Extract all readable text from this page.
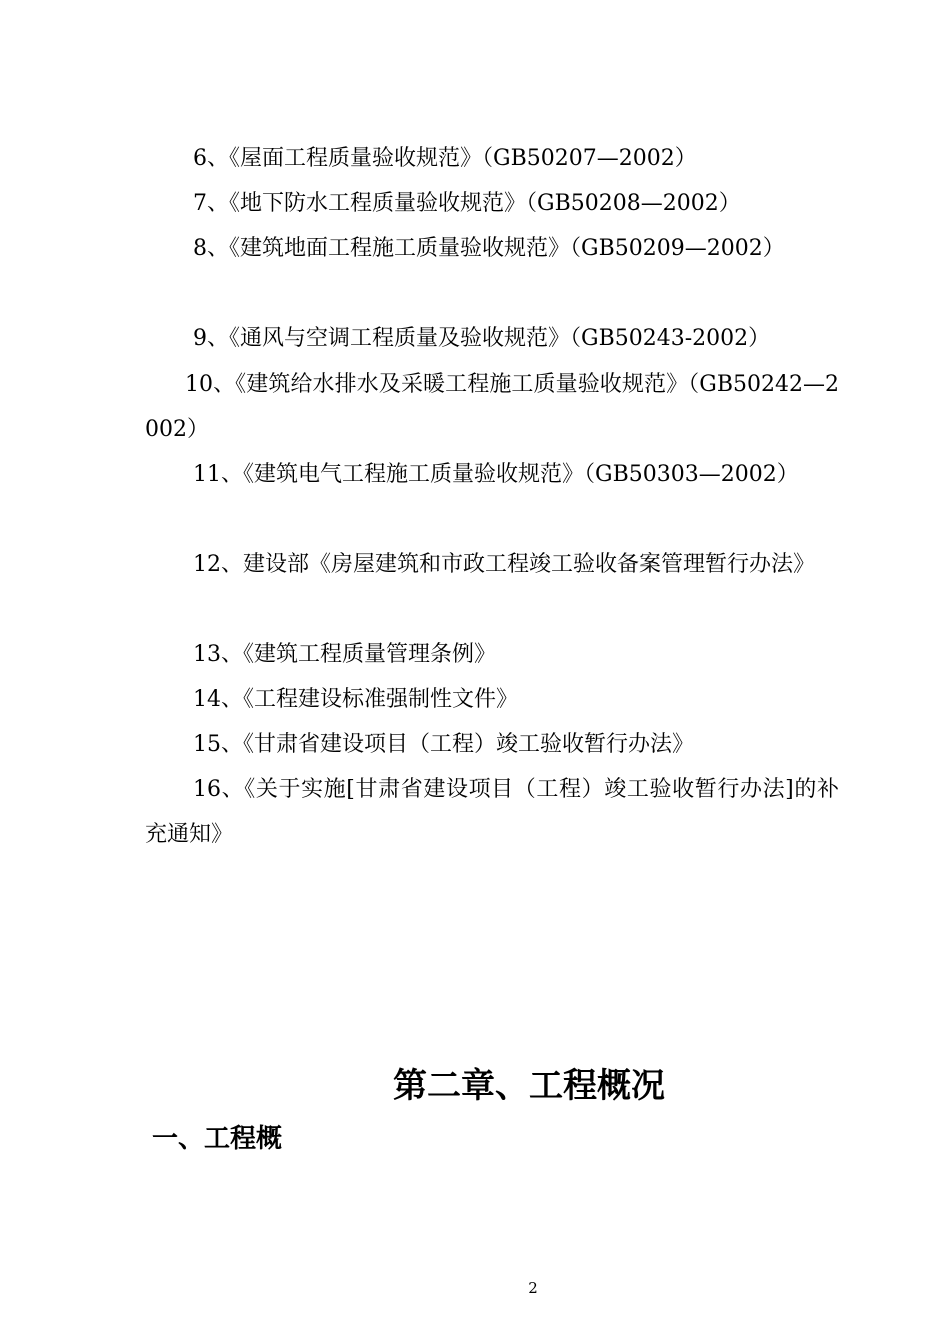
6、《屋面工程质量验收规范》（GB50207—2002）

7、《地下防水工程质量验收规范》（GB50208—2002）

8、《建筑地面工程施工质量验收规范》（GB50209—2002）

9、《通风与空调工程质量及验收规范》（GB50243-2002）

10、《建筑给水排水及采暖工程施工质量验收规范》（GB50242—2002）

11、《建筑电气工程施工质量验收规范》（GB50303—2002）

12、建设部《房屋建筑和市政工程竣工验收备案管理暂行办法》

13、《建筑工程质量管理条例》

14、《工程建设标准强制性文件》

15、《甘肃省建设项目（工程）竣工验收暂行办法》

16、《关于实施[甘肃省建设项目（工程）竣工验收暂行办法]的补充通知》

第二章、工程概况
一、工程概
2
